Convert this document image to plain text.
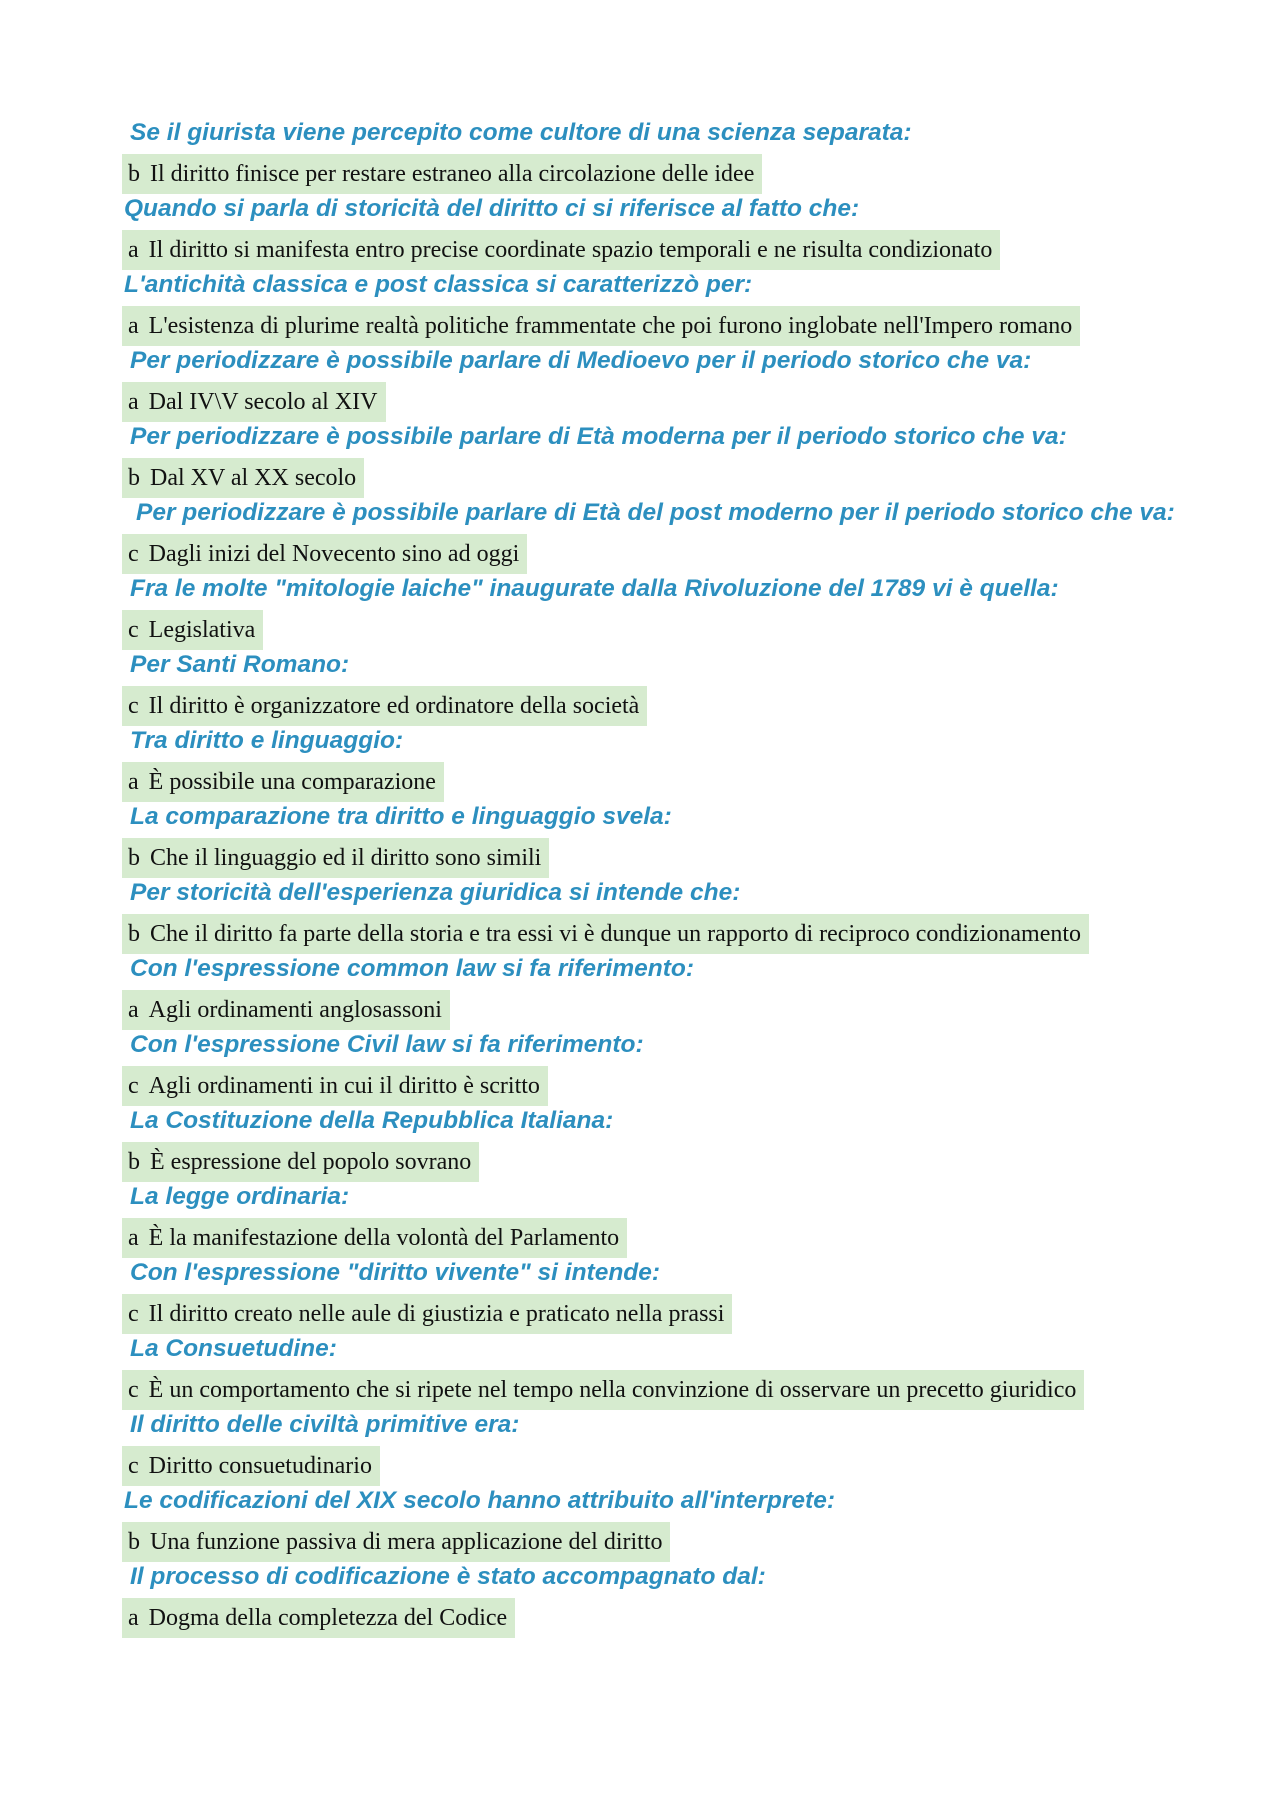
Se il giurista viene percepito come cultore di una scienza separata:

b Il diritto finisce per restare estraneo alla circolazione delle idee

Quando si parla di storicità del diritto ci si riferisce al fatto che:

a Il diritto si manifesta entro precise coordinate spazio temporali e ne risulta condizionato

L'antichità classica e post classica si caratterizzò per:

a L'esistenza di plurime realtà politiche frammentate che poi furono inglobate nell'Impero romano

Per periodizzare è possibile parlare di Medioevo per il periodo storico che va:

a Dal IV\V secolo al XIV

Per periodizzare è possibile parlare di Età moderna per il periodo storico che va:

b Dal XV al XX secolo

Per periodizzare è possibile parlare di Età del post moderno per il periodo storico che va:

c Dagli inizi del Novecento sino ad oggi

Fra le molte "mitologie laiche" inaugurate dalla Rivoluzione del 1789 vi è quella:

c Legislativa

Per Santi Romano:

c Il diritto è organizzatore ed ordinatore della società

Tra diritto e linguaggio:

a È possibile una comparazione

La comparazione tra diritto e linguaggio svela:

b Che il linguaggio ed il diritto sono simili

Per storicità dell'esperienza giuridica si intende che:

b Che il diritto fa parte della storia e tra essi vi è dunque un rapporto di reciproco condizionamento

Con l'espressione common law si fa riferimento:

a Agli ordinamenti anglosassoni

Con l'espressione Civil law si fa riferimento:

c Agli ordinamenti in cui il diritto è scritto

La Costituzione della Repubblica Italiana:

b È espressione del popolo sovrano

La legge ordinaria:

a È la manifestazione della volontà del Parlamento

Con l'espressione "diritto vivente" si intende:

c Il diritto creato nelle aule di giustizia e praticato nella prassi

La Consuetudine:

c È un comportamento che si ripete nel tempo nella convinzione di osservare un precetto giuridico

Il diritto delle civiltà primitive era:

c Diritto consuetudinario

Le codificazioni del XIX secolo hanno attribuito all'interprete:

b Una funzione passiva di mera applicazione del diritto

Il processo di codificazione è stato accompagnato dal:

a Dogma della completezza del Codice
